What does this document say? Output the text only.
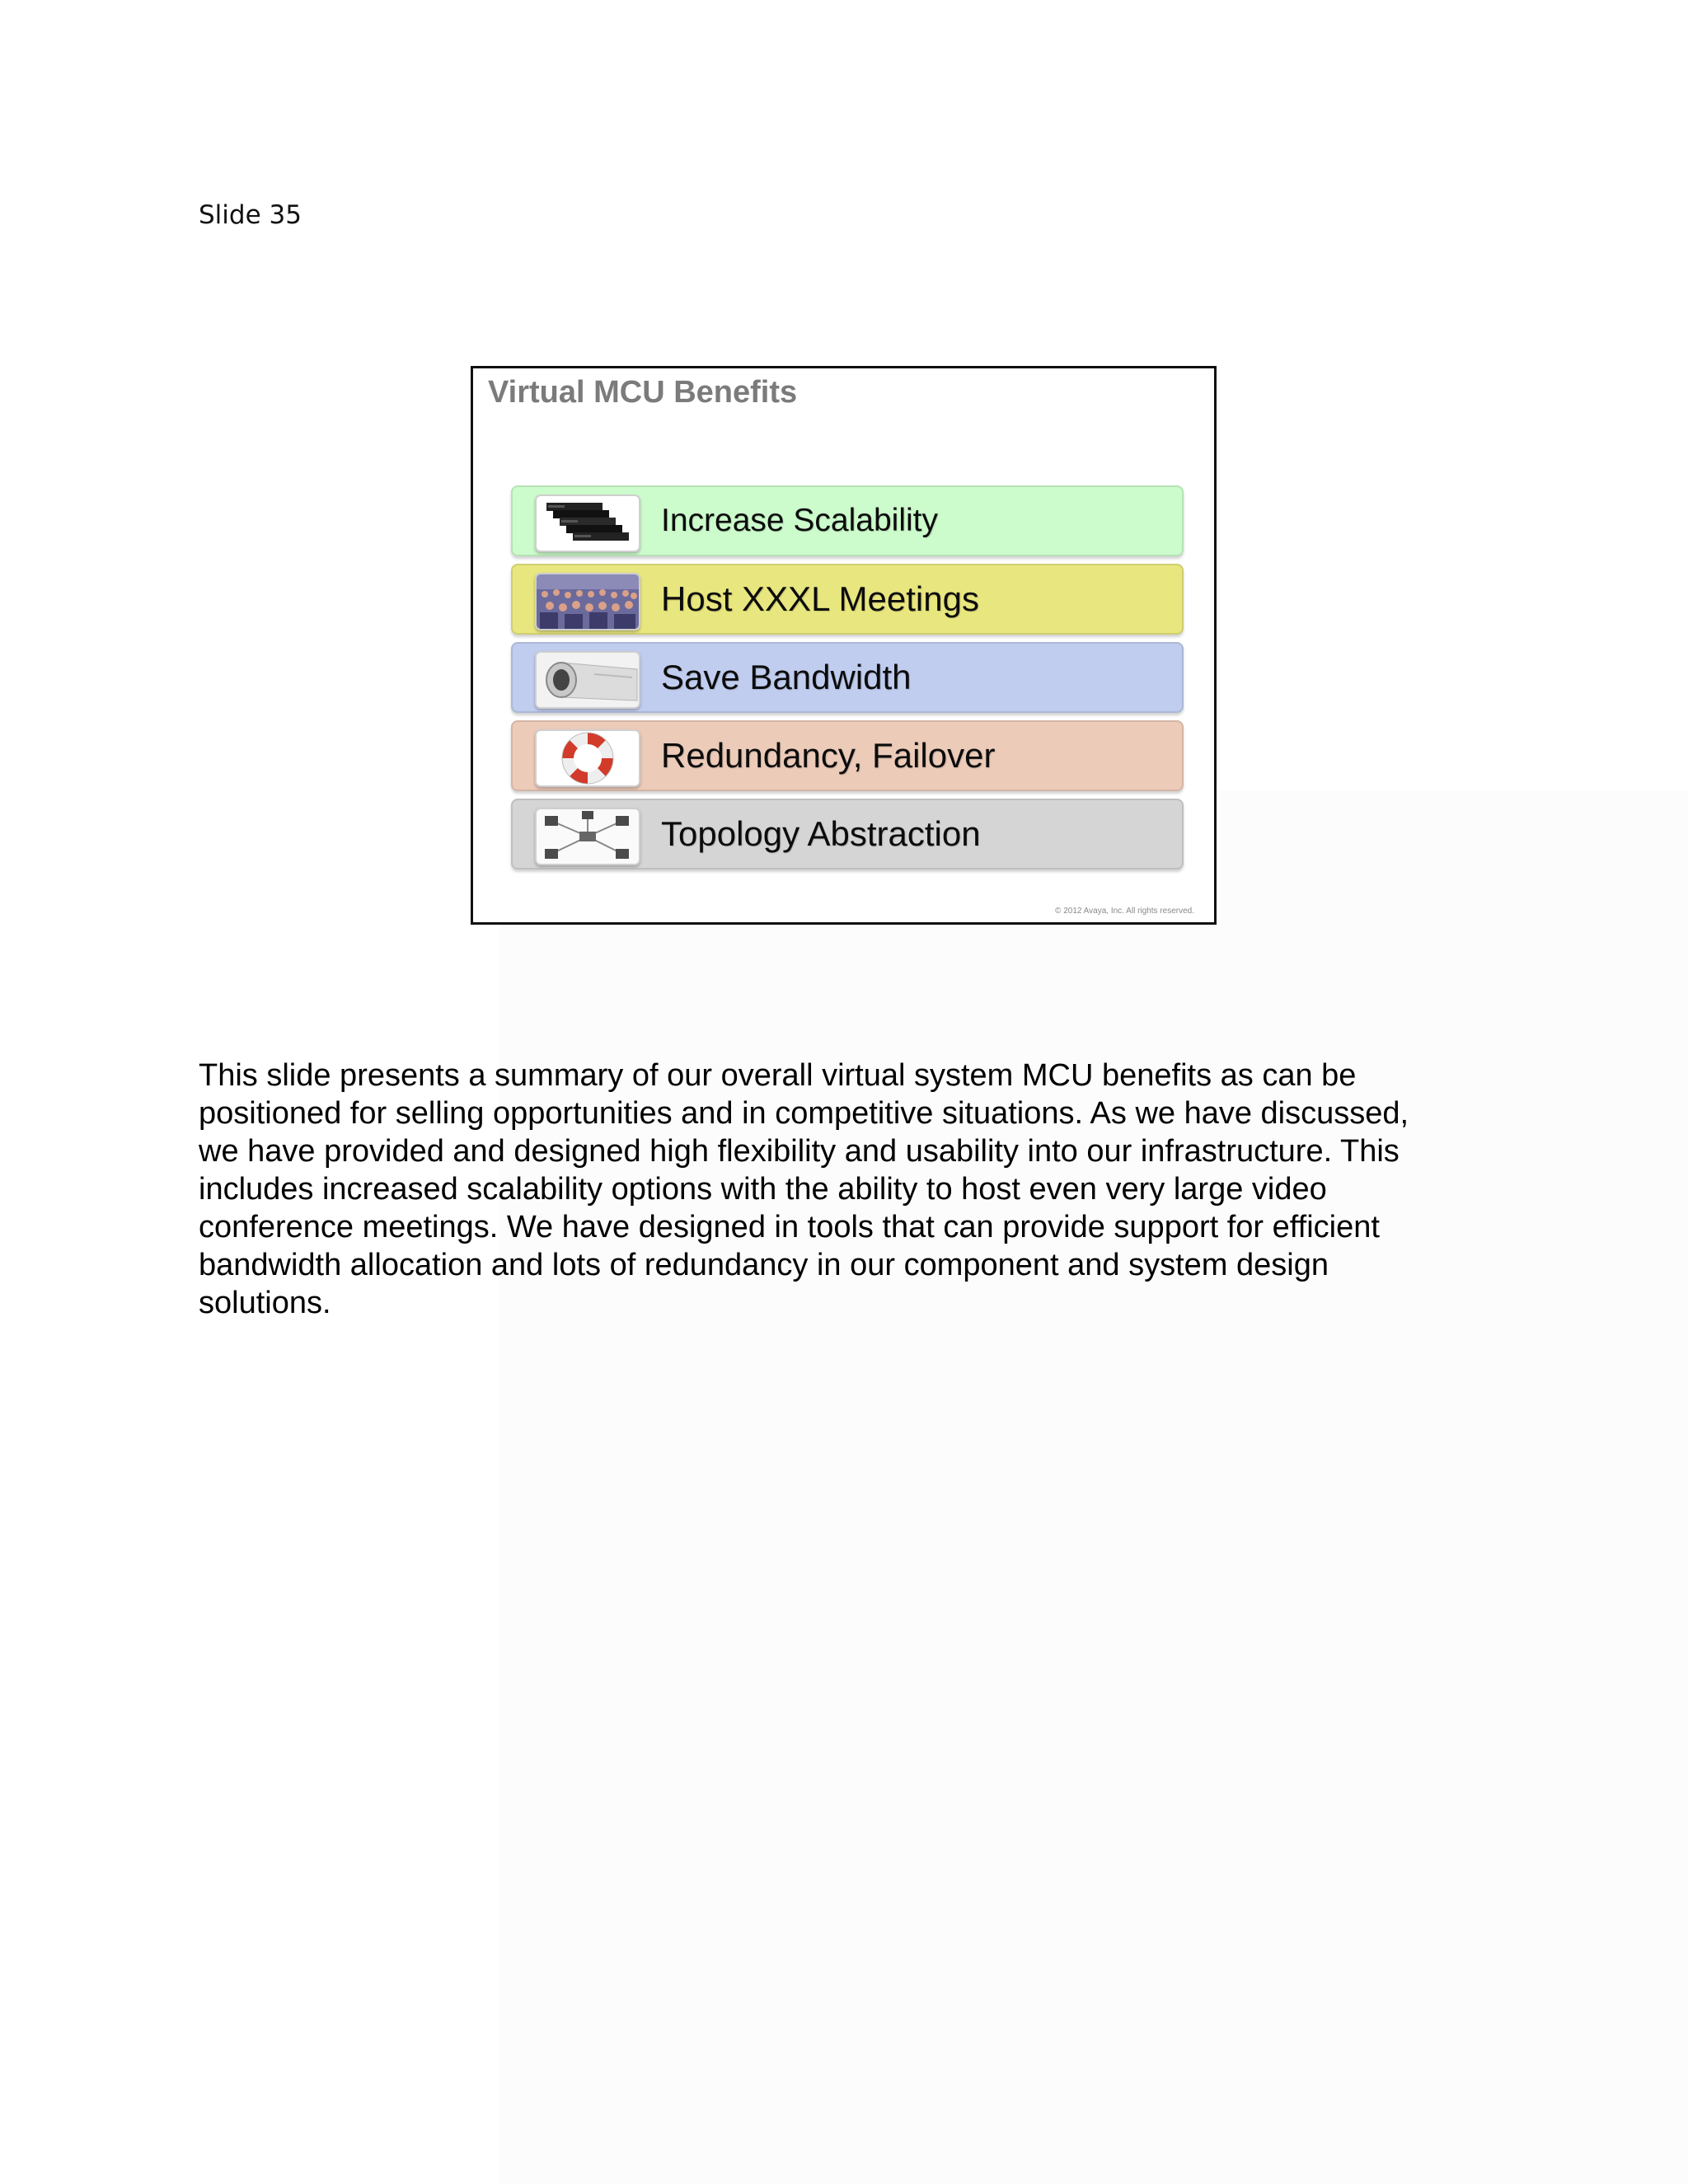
Slide 35
Virtual MCU Benefits
Increase Scalability
Host XXXL Meetings
Save Bandwidth
Redundancy, Failover
Topology Abstraction
© 2012 Avaya, Inc. All rights reserved.
This slide presents a summary of our overall virtual system MCU benefits as can be
positioned for selling opportunities and in competitive situations. As we have discussed,
we have provided and designed high flexibility and usability into our infrastructure. This
includes increased scalability options with the ability to host even very large video
conference meetings. We have designed in tools that can provide support for efficient
bandwidth allocation and lots of redundancy in our component and system design
solutions.
